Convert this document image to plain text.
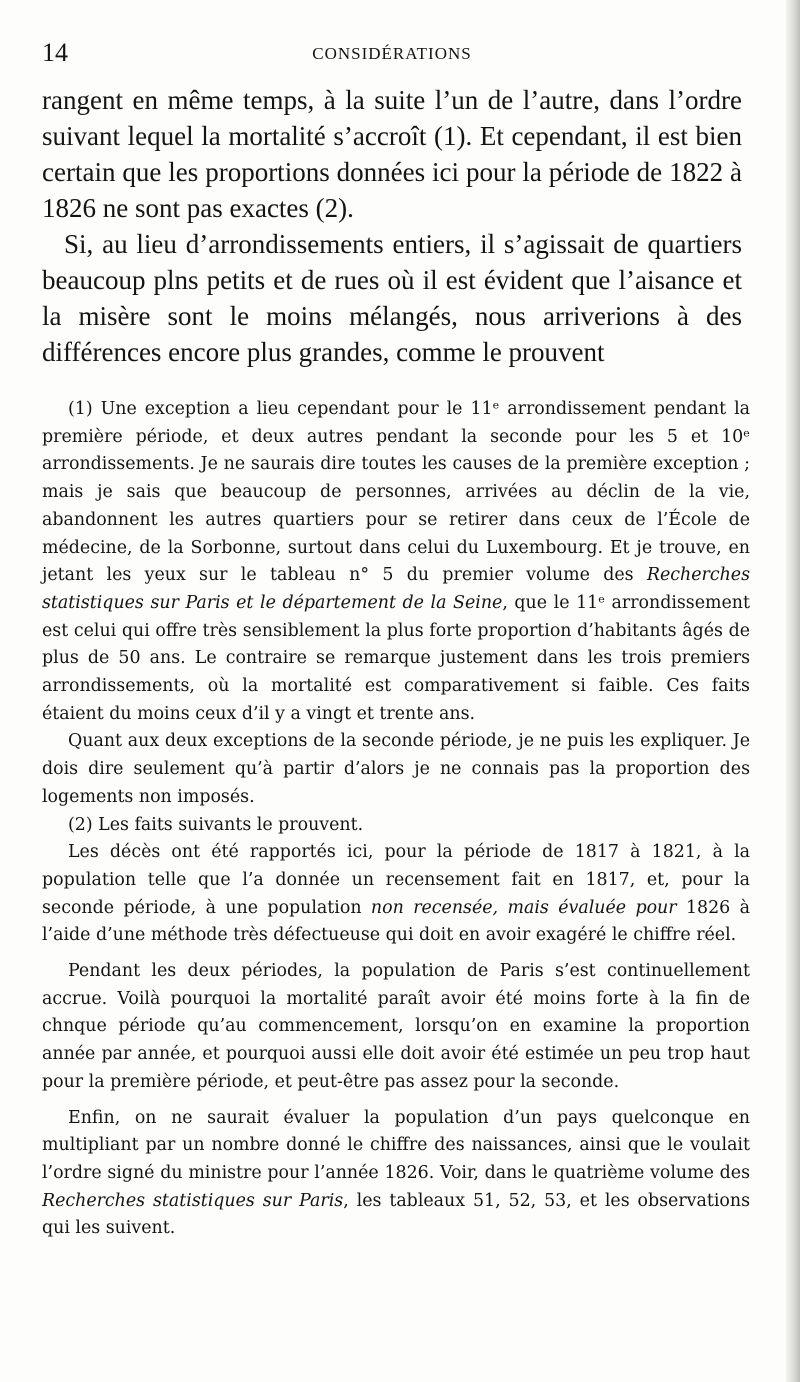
14	CONSIDÉRATIONS

rangent en même temps, à la suite l’un de l’autre, dans l’ordre suivant lequel la mortalité s’accroît (1). Et cependant, il est bien certain que les proportions données ici pour la période de 1822 à 1826 ne sont pas exactes (2).

Si, au lieu d’arrondissements entiers, il s’agissait de quartiers beaucoup plns petits et de rues où il est évident que l’aisance et la misère sont le moins mélangés, nous arriverions à des différences encore plus grandes, comme le prouvent

(1) Une exception a lieu cependant pour le 11ᵉ arrondissement pendant la première période, et deux autres pendant la seconde pour les 5 et 10ᵉ arrondissements. Je ne saurais dire toutes les causes de la première exception ; mais je sais que beaucoup de personnes, arrivées au déclin de la vie, abandonnent les autres quartiers pour se retirer dans ceux de l’École de médecine, de la Sorbonne, surtout dans celui du Luxembourg. Et je trouve, en jetant les yeux sur le tableau n° 5 du premier volume des Recherches statistiques sur Paris et le département de la Seine, que le 11ᵉ arrondissement est celui qui offre très sensiblement la plus forte proportion d’habitants âgés de plus de 50 ans. Le contraire se remarque justement dans les trois premiers arrondissements, où la mortalité est comparativement si faible. Ces faits étaient du moins ceux d’il y a vingt et trente ans.

Quant aux deux exceptions de la seconde période, je ne puis les expliquer. Je dois dire seulement qu’à partir d’alors je ne connais pas la proportion des logements non imposés.

(2) Les faits suivants le prouvent.

Les décès ont été rapportés ici, pour la période de 1817 à 1821, à la population telle que l’a donnée un recensement fait en 1817, et, pour la seconde période, à une population non recensée, mais évaluée pour 1826 à l’aide d’une méthode très défectueuse qui doit en avoir exagéré le chiffre réel.

Pendant les deux périodes, la population de Paris s’est continuellement accrue. Voilà pourquoi la mortalité paraît avoir été moins forte à la fin de chnque période qu’au commencement, lorsqu’on en examine la proportion année par année, et pourquoi aussi elle doit avoir été estimée un peu trop haut pour la première période, et peut-être pas assez pour la seconde.

Enfin, on ne saurait évaluer la population d’un pays quelconque en multipliant par un nombre donné le chiffre des naissances, ainsi que le voulait l’ordre signé du ministre pour l’année 1826. Voir, dans le quatrième volume des Recherches statistiques sur Paris, les tableaux 51, 52, 53, et les observations qui les suivent.
